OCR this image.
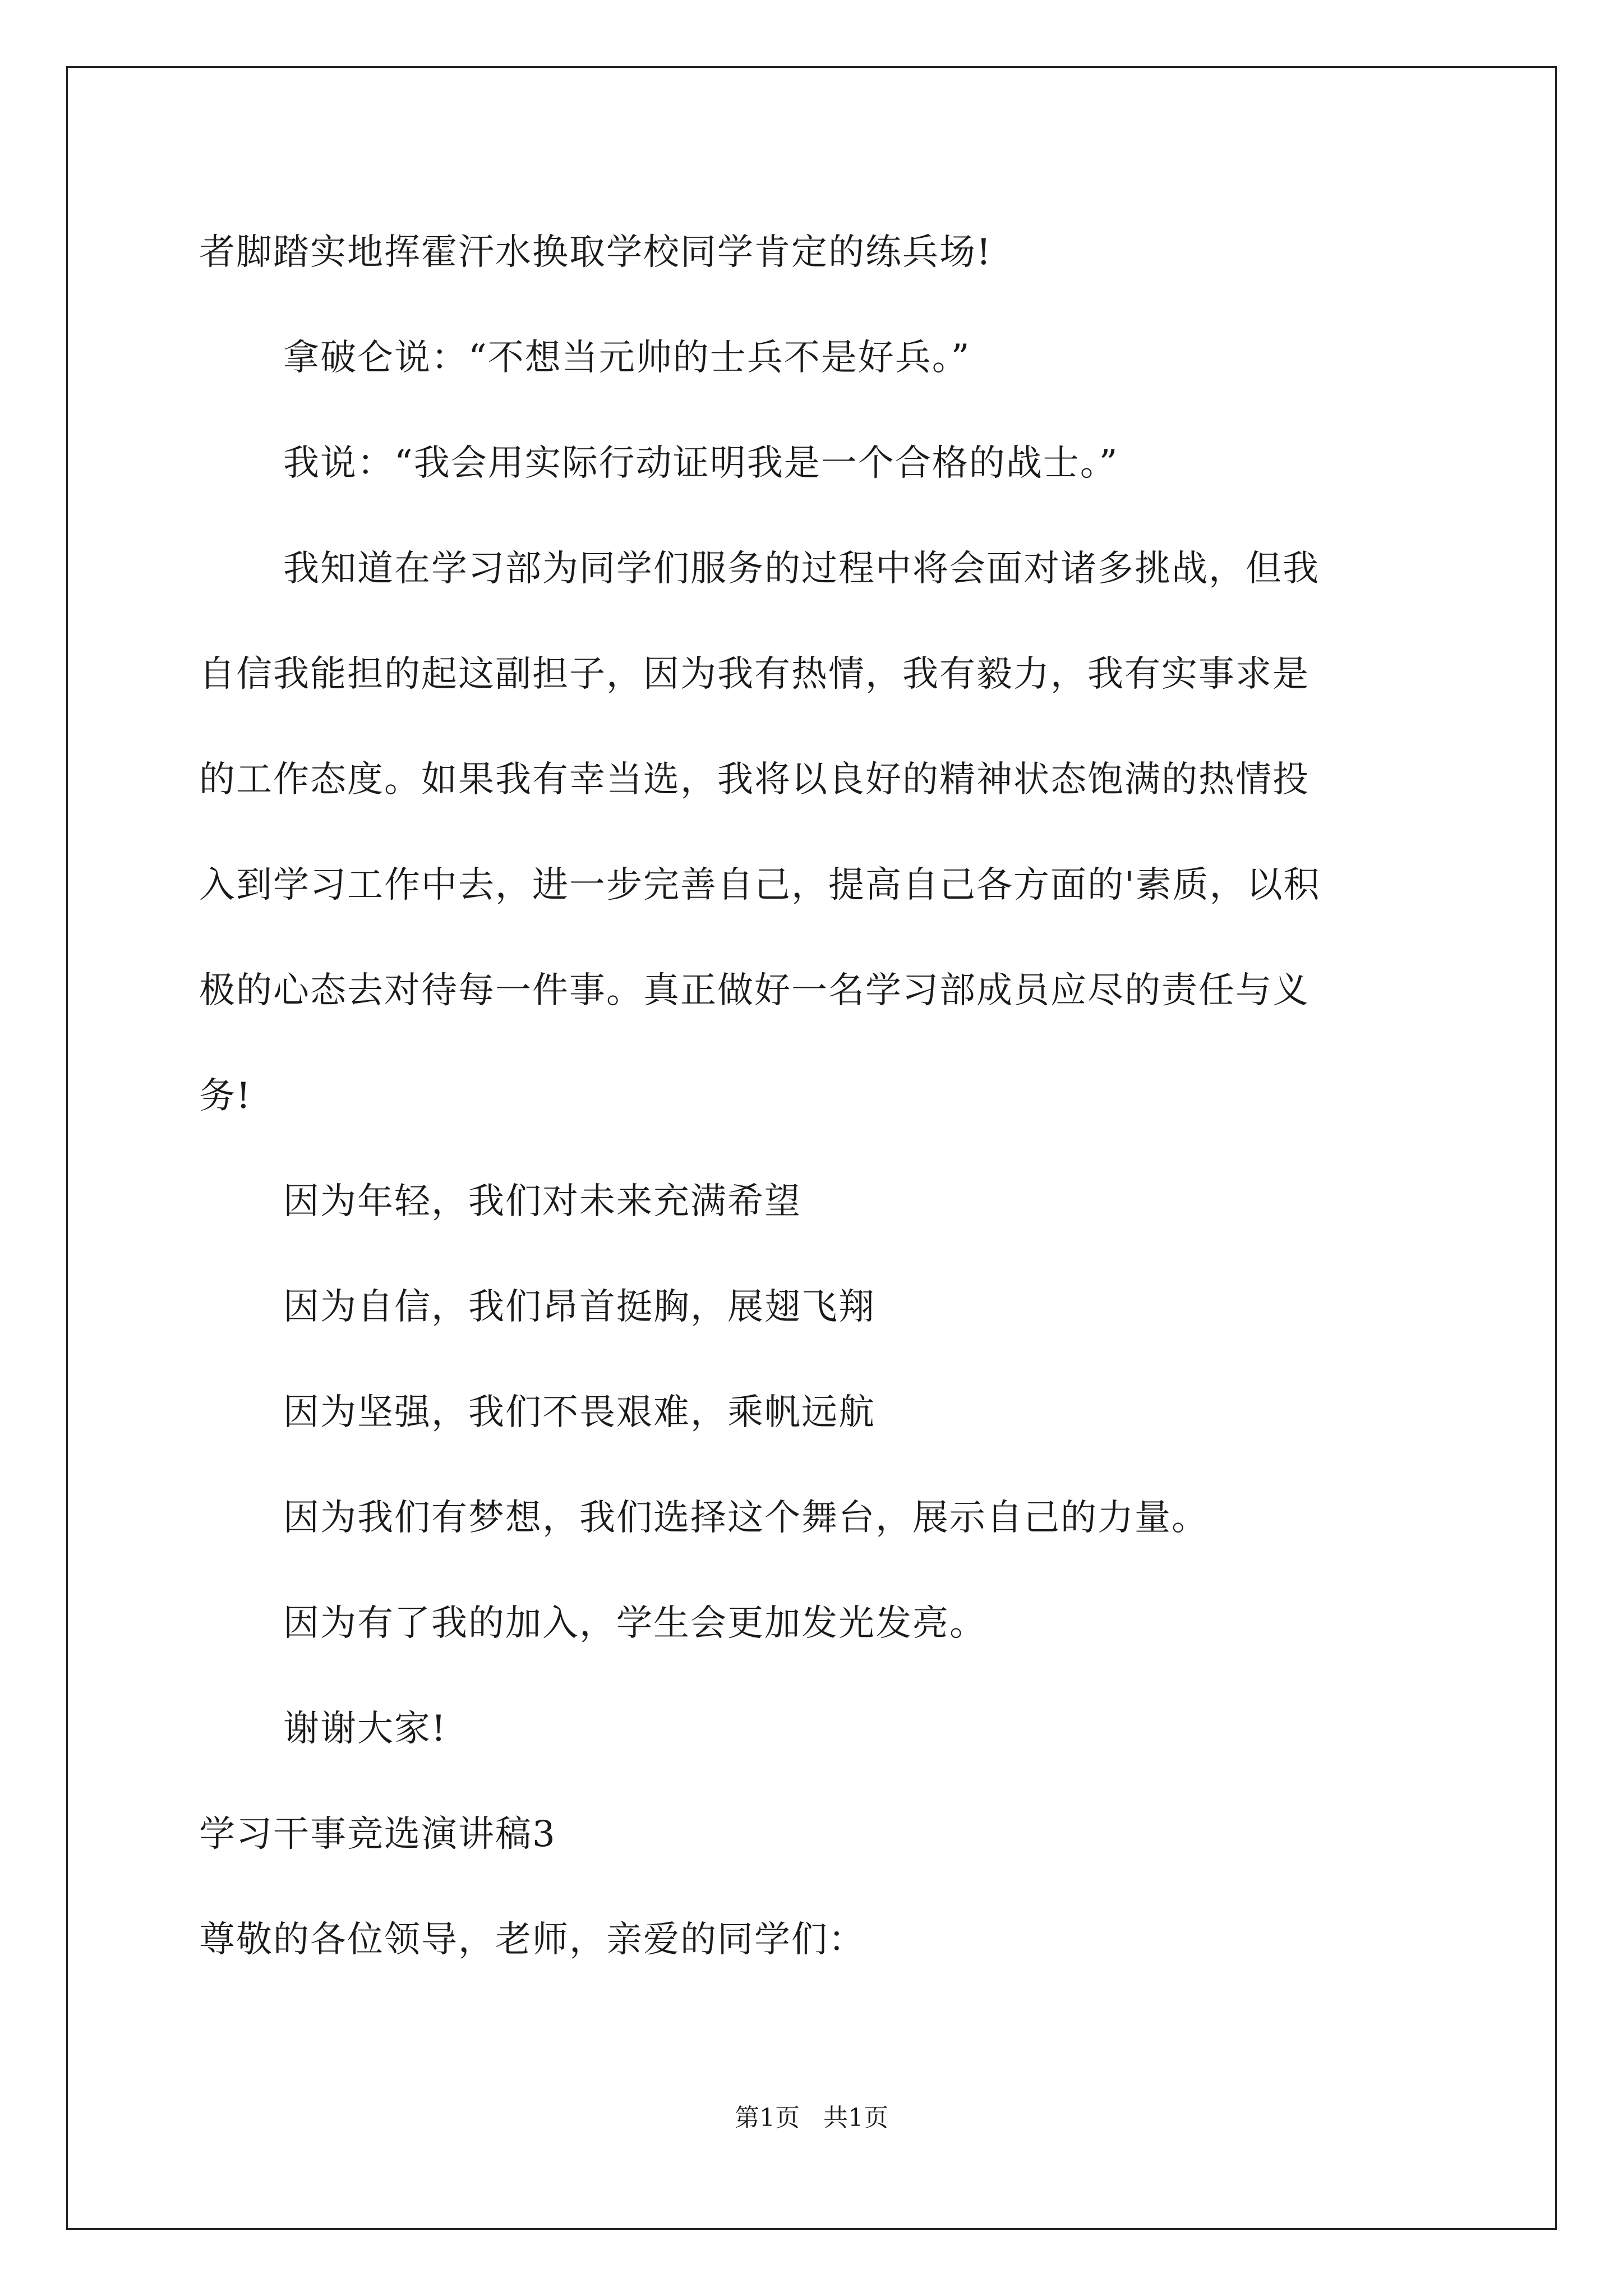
者脚踏实地挥霍汗水换取学校同学肯定的练兵场!
拿破仑说：“不想当元帅的士兵不是好兵。”
我说：“我会用实际行动证明我是一个合格的战士。”
我知道在学习部为同学们服务的过程中将会面对诸多挑战，但我
自信我能担的起这副担子，因为我有热情，我有毅力，我有实事求是
的工作态度。如果我有幸当选，我将以良好的精神状态饱满的热情投
入到学习工作中去，进一步完善自己，提高自己各方面的'素质，以积
极的心态去对待每一件事。真正做好一名学习部成员应尽的责任与义
务!
因为年轻，我们对未来充满希望
因为自信，我们昂首挺胸，展翅飞翔
因为坚强，我们不畏艰难，乘帆远航
因为我们有梦想，我们选择这个舞台，展示自己的力量。
因为有了我的加入，学生会更加发光发亮。
谢谢大家!
学习干事竞选演讲稿3
尊敬的各位领导，老师，亲爱的同学们：
第1页   共1页
